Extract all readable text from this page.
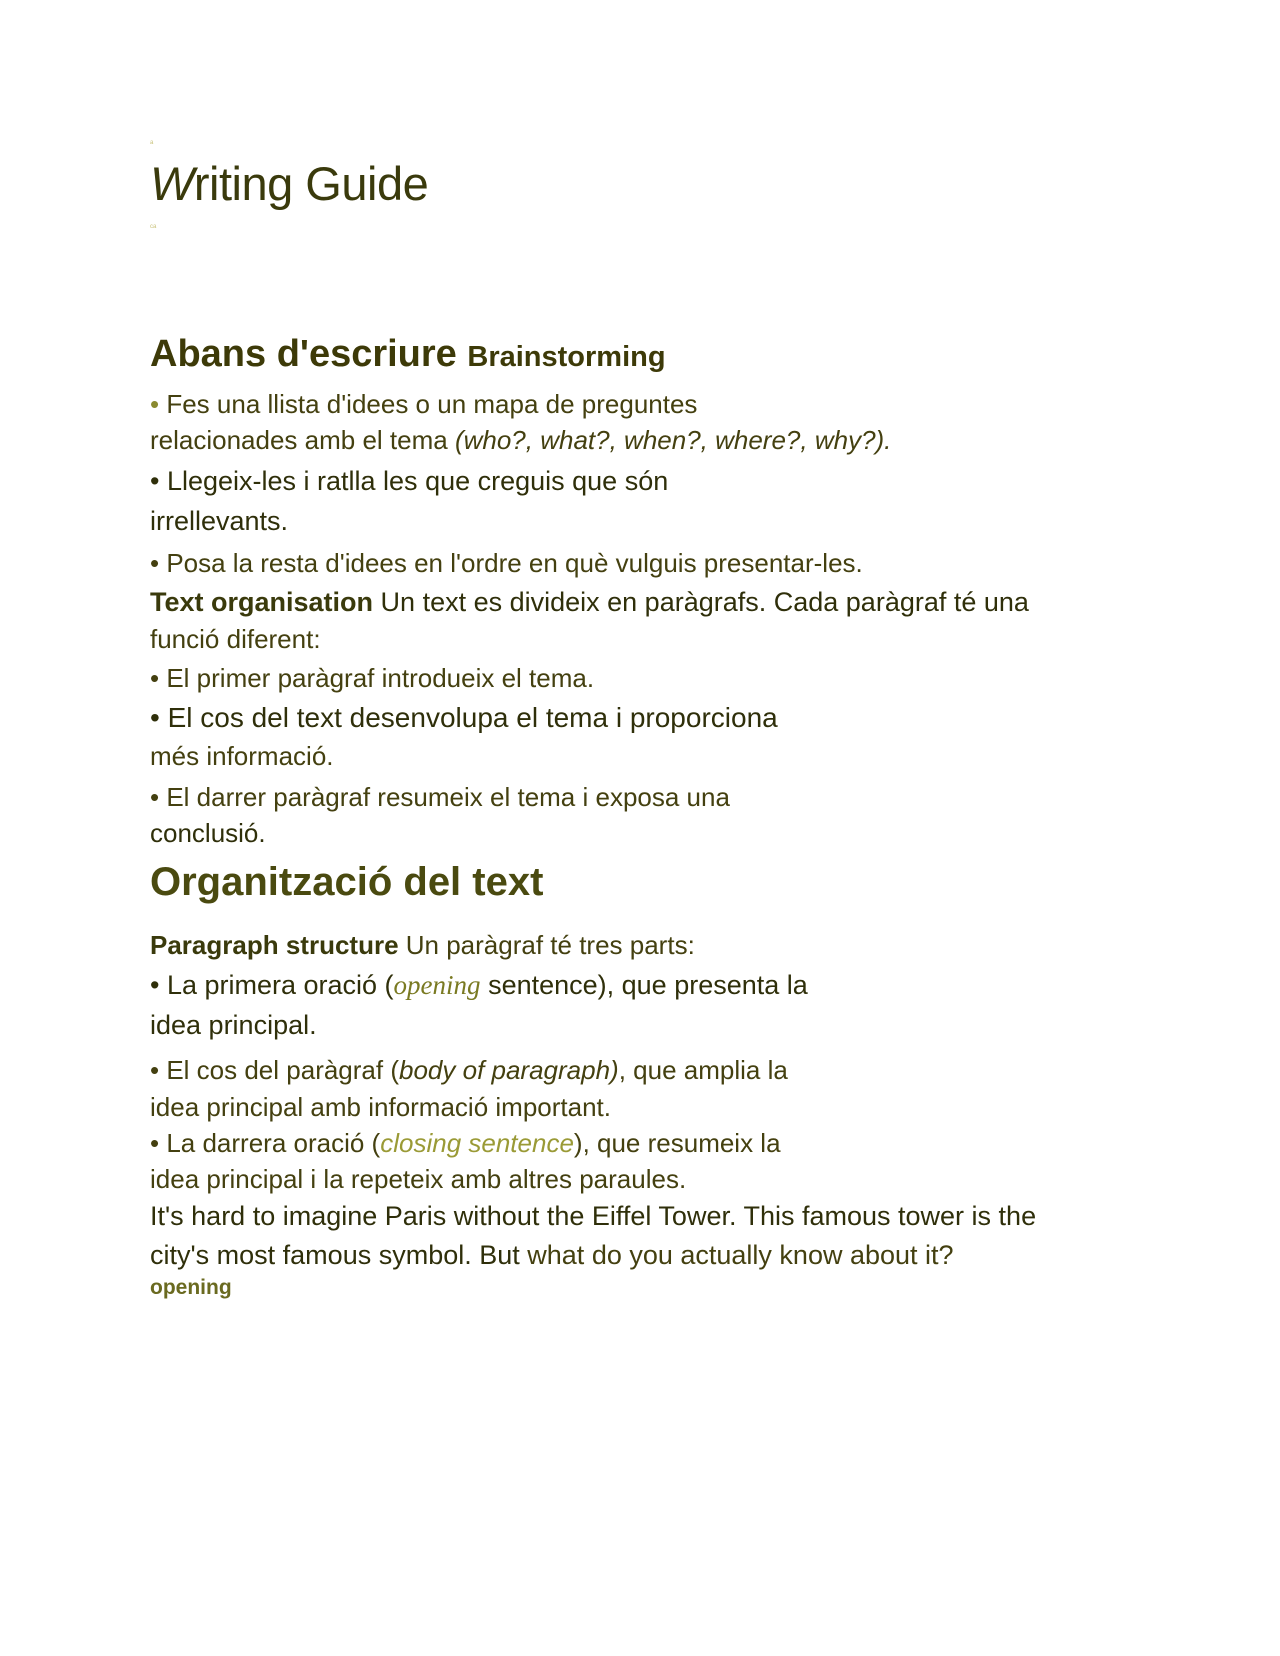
a
Writing Guide
ca
Abans d'escriure Brainstorming
• Fes una llista d'idees o un mapa de preguntes
relacionades amb el tema (who?, what?, when?, where?, why?).
• Llegeix-les i ratlla les que creguis que són
irrellevants.
• Posa la resta d'idees en l'ordre en què vulguis presentar-les.
Text organisation Un text es divideix en paràgrafs. Cada paràgraf té una
funció diferent:
• El primer paràgraf introdueix el tema.
• El cos del text desenvolupa el tema i proporciona
més informació.
• El darrer paràgraf resumeix el tema i exposa una
conclusió.
Organització del text
Paragraph structure Un paràgraf té tres parts:
• La primera oració (opening sentence), que presenta la
idea principal.
• El cos del paràgraf (body of paragraph), que amplia la
idea principal amb informació important.
• La darrera oració (closing sentence), que resumeix la
idea principal i la repeteix amb altres paraules.
It's hard to imagine Paris without the Eiffel Tower. This famous tower is the
city's most famous symbol. But what do you actually know about it?
opening
